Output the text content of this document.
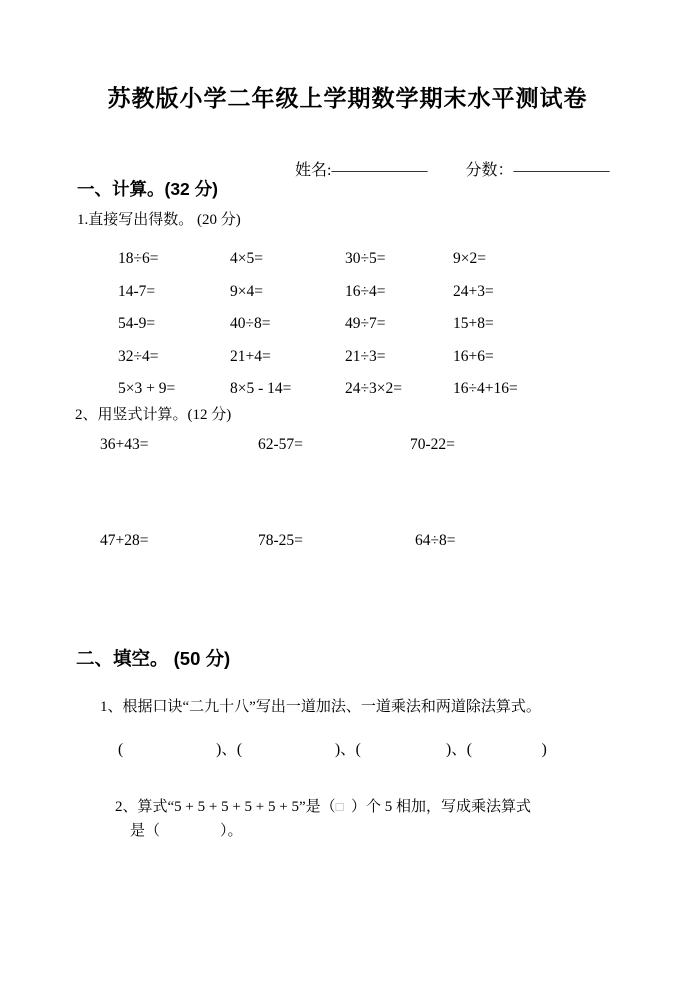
苏教版小学二年级上学期数学期末水平测试卷
姓名: ____________ 分数： ____________
一、计算。(32 分)
1.直接写出得数。 (20 分)
18÷6=	4×5=	30÷5=	9×2=
14-7=	9×4=	16÷4=	24+3=
54-9=	40÷8=	49÷7=	15+8=
32÷4=	21+4=	21÷3=	16+6=
5×3 + 9=	8×5 - 14=	24÷3×2=	16÷4+16=
2、用竖式计算。(12 分)
36+43=	62-57=	70-22=
47+28=	78-25=	64÷8=
二、填空。 (50 分)
1、根据口诀“二九十八”写出一道加法、一道乘法和两道除法算式。
(                        )、(                        )、(                      )、(                  )

2、算式“5 + 5 + 5 + 5 + 5 + 5”是（□  ）个 5 相加，写成乘法算式

是（                ）。
